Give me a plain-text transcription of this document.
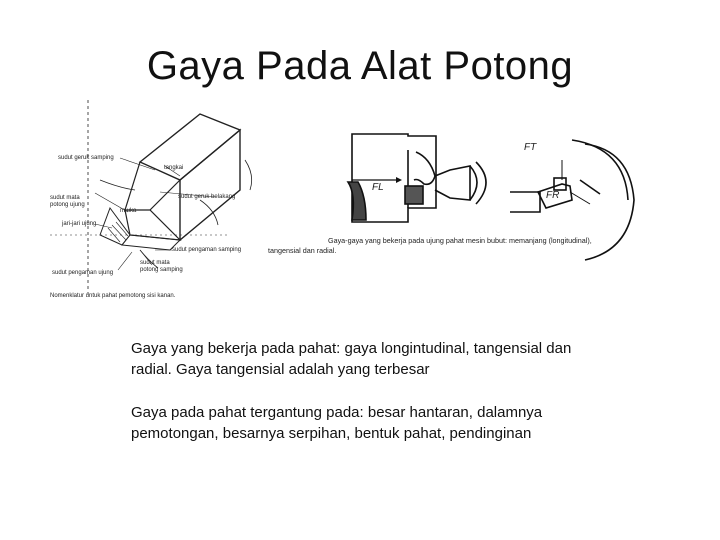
Gaya Pada Alat Potong
sudut geruk samping
tangkai
sudut geruk belakang
sudut mata
potong ujung
m uka
jari-jari ujung
sudut pengaman samping
sudut mata
potong samping
sudut pengaman ujung
Nomenklatur untuk pahat pemotong sisi kanan.
FT
FL
FR
Gaya-gaya yang bekerja pada ujung pahat mesin bubut: memanjang (longitudinal),
tangensial dan radial.
Gaya yang bekerja pada pahat: gaya longintudinal, tangensial dan radial. Gaya tangensial adalah yang terbesar
Gaya pada pahat tergantung pada: besar hantaran, dalamnya pemotongan, besarnya serpihan, bentuk pahat, pendinginan
